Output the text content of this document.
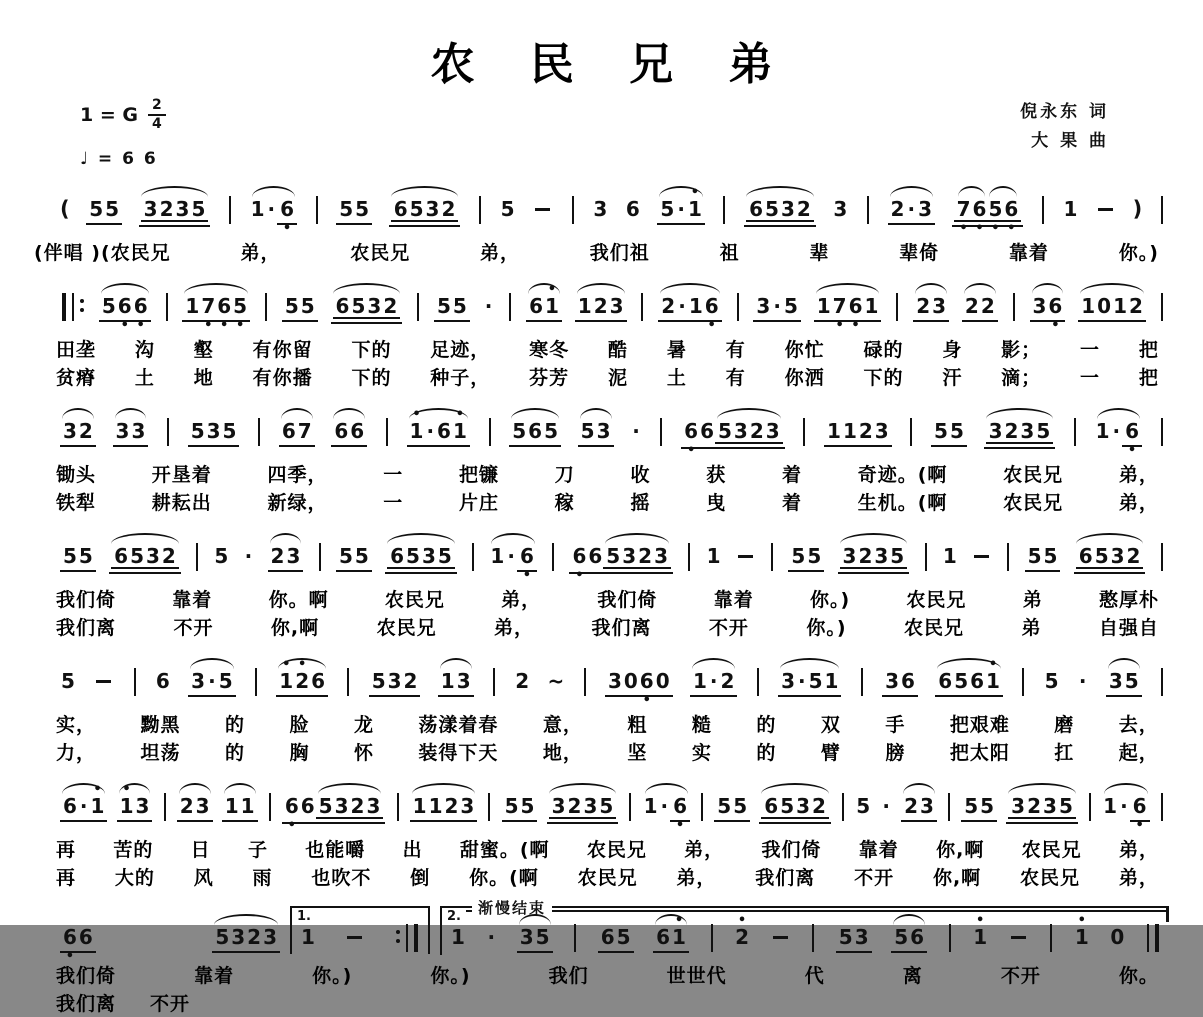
农 民 兄 弟
1 = G $\frac{2}{4}$
♩ = 6 6
倪永东 词
大 果 曲
( 5 5 3 2 3 5 1 · 6
•
5 5 6 5 3 2 5	3 6 5 ·
•
1 6 5 3 2 3 2 · 3 7
•
6
•
5
•
6
•
1	)
(伴唱 )(农民兄	弟，	农民兄	弟，	我们祖	祖	辈	辈倚	靠着	你。)
5 6
•
6
•
1 7
•
6
•
5
•
5 5 6 5 3 2 5 5 · 6
•
1 1 2 3 2 · 1 6
•
3 · 5 1 7
•
6
•
1 2 3 2 2 3 6
•
1 0 1 2
田垄 沟 壑 有你留 下的 足迹， 寒冬 酷 暑 有 你忙 碌的 身 影； 一 把
贫瘠 土 地 有你播 下的 种子， 芬芳 泥 土 有 你洒 下的 汗 滴； 一 把
3 2 3 3 5 3 5 6 7 6 6
•
1 · 6
•
1 5 6 5 5 3 · 6
•
6 5 3 2 3 1 1 2 3 5 5 3 2 3 5 1 · 6
•
锄头	开垦着	四季，	一	把镰	刀	收	获	着	奇迹。(啊	农民兄	弟，
铁犁	耕耘出	新绿，	一	片庄	稼	摇	曳	着	生机。(啊	农民兄	弟，
5 5 6 5 3 2 5 · 2 3 5 5 6 5 3 5 1 · 6
•
6
•
6 5 3 2 3 1	5 5 3 2 3 5 1	5 5 6 5 3 2
我们倚	靠着	你。啊	农民兄	弟，	我们倚	靠着	你。)	农民兄	弟	憨厚朴
我们离	不开	你,啊	农民兄	弟，	我们离	不开	你。)	农民兄	弟	自强自
5	6 3 · 5
•
1
•
2 6 5 3 2 1 3 2 ~ 3 0 6
•
0 1 · 2 3 · 5 1 3 6 6 5 6
•
1 5 · 3 5
实， 黝黑 的 脸 龙 荡漾着春 意， 粗 糙 的 双 手 把艰难 磨 去，
力， 坦荡 的 胸 怀 装得下天 地， 坚 实 的 臂 膀 把太阳 扛 起，
6 ·
•
1
•
1 3 2 3 1 1 6
•
6 5 3 2 3 1 1 2 3 5 5 3 2 3 5 1 · 6
•
5 5 6 5 3 2 5 · 2 3 5 5 3 2 3 5 1 · 6
•
再 苦的 日 子 也能嚼 出 甜蜜。(啊 农民兄 弟， 我们倚 靠着 你,啊 农民兄 弟，
再 大的 风 雨 也吹不 倒 你。(啊 农民兄 弟， 我们离 不开 你,啊 农民兄 弟，
6
•
6	5 3 2 3
1.
1
2.	渐慢结束
1 · 3 5	6 5 6
•
1
•
2	5 3 5 6
•
1
•
1 0
我们倚	靠着	你。)	你。)	我们	世世代	代	离	不开	你。
我们离 不开
